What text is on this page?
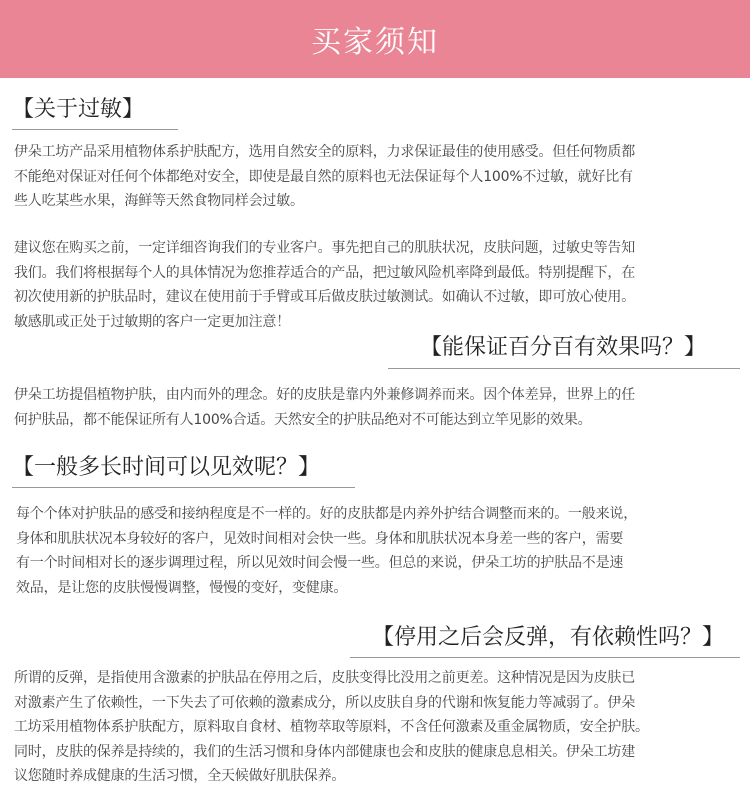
买家须知
【关于过敏】
伊朵工坊产品采用植物体系护肤配方，选用自然安全的原料，力求保证最佳的使用感受。但任何物质都
不能绝对保证对任何个体都绝对安全，即使是最自然的原料也无法保证每个人100%不过敏，就好比有
些人吃某些水果，海鲜等天然食物同样会过敏。
建议您在购买之前，一定详细咨询我们的专业客户。事先把自己的肌肤状况，皮肤问题，过敏史等告知
我们。我们将根据每个人的具体情况为您推荐适合的产品，把过敏风险机率降到最低。特别提醒下，在
初次使用新的护肤品时，建议在使用前于手臂或耳后做皮肤过敏测试。如确认不过敏，即可放心使用。
敏感肌或正处于过敏期的客户一定更加注意！
【能保证百分百有效果吗？】
伊朵工坊提倡植物护肤，由内而外的理念。好的皮肤是靠内外兼修调养而来。因个体差异，世界上的任
何护肤品，都不能保证所有人100%合适。天然安全的护肤品绝对不可能达到立竿见影的效果。
【一般多长时间可以见效呢？】
每个个体对护肤品的感受和接纳程度是不一样的。好的皮肤都是内养外护结合调整而来的。一般来说，
身体和肌肤状况本身较好的客户，见效时间相对会快一些。身体和肌肤状况本身差一些的客户，需要
有一个时间相对长的逐步调理过程，所以见效时间会慢一些。但总的来说，伊朵工坊的护肤品不是速
效品，是让您的皮肤慢慢调整，慢慢的变好，变健康。
【停用之后会反弹，有依赖性吗？】
所谓的反弹，是指使用含激素的护肤品在停用之后，皮肤变得比没用之前更差。这种情况是因为皮肤已
对激素产生了依赖性，一下失去了可依赖的激素成分，所以皮肤自身的代谢和恢复能力等减弱了。伊朵
工坊采用植物体系护肤配方，原料取自食材、植物萃取等原料，不含任何激素及重金属物质，安全护肤。
同时，皮肤的保养是持续的，我们的生活习惯和身体内部健康也会和皮肤的健康息息相关。伊朵工坊建
议您随时养成健康的生活习惯，全天候做好肌肤保养。
